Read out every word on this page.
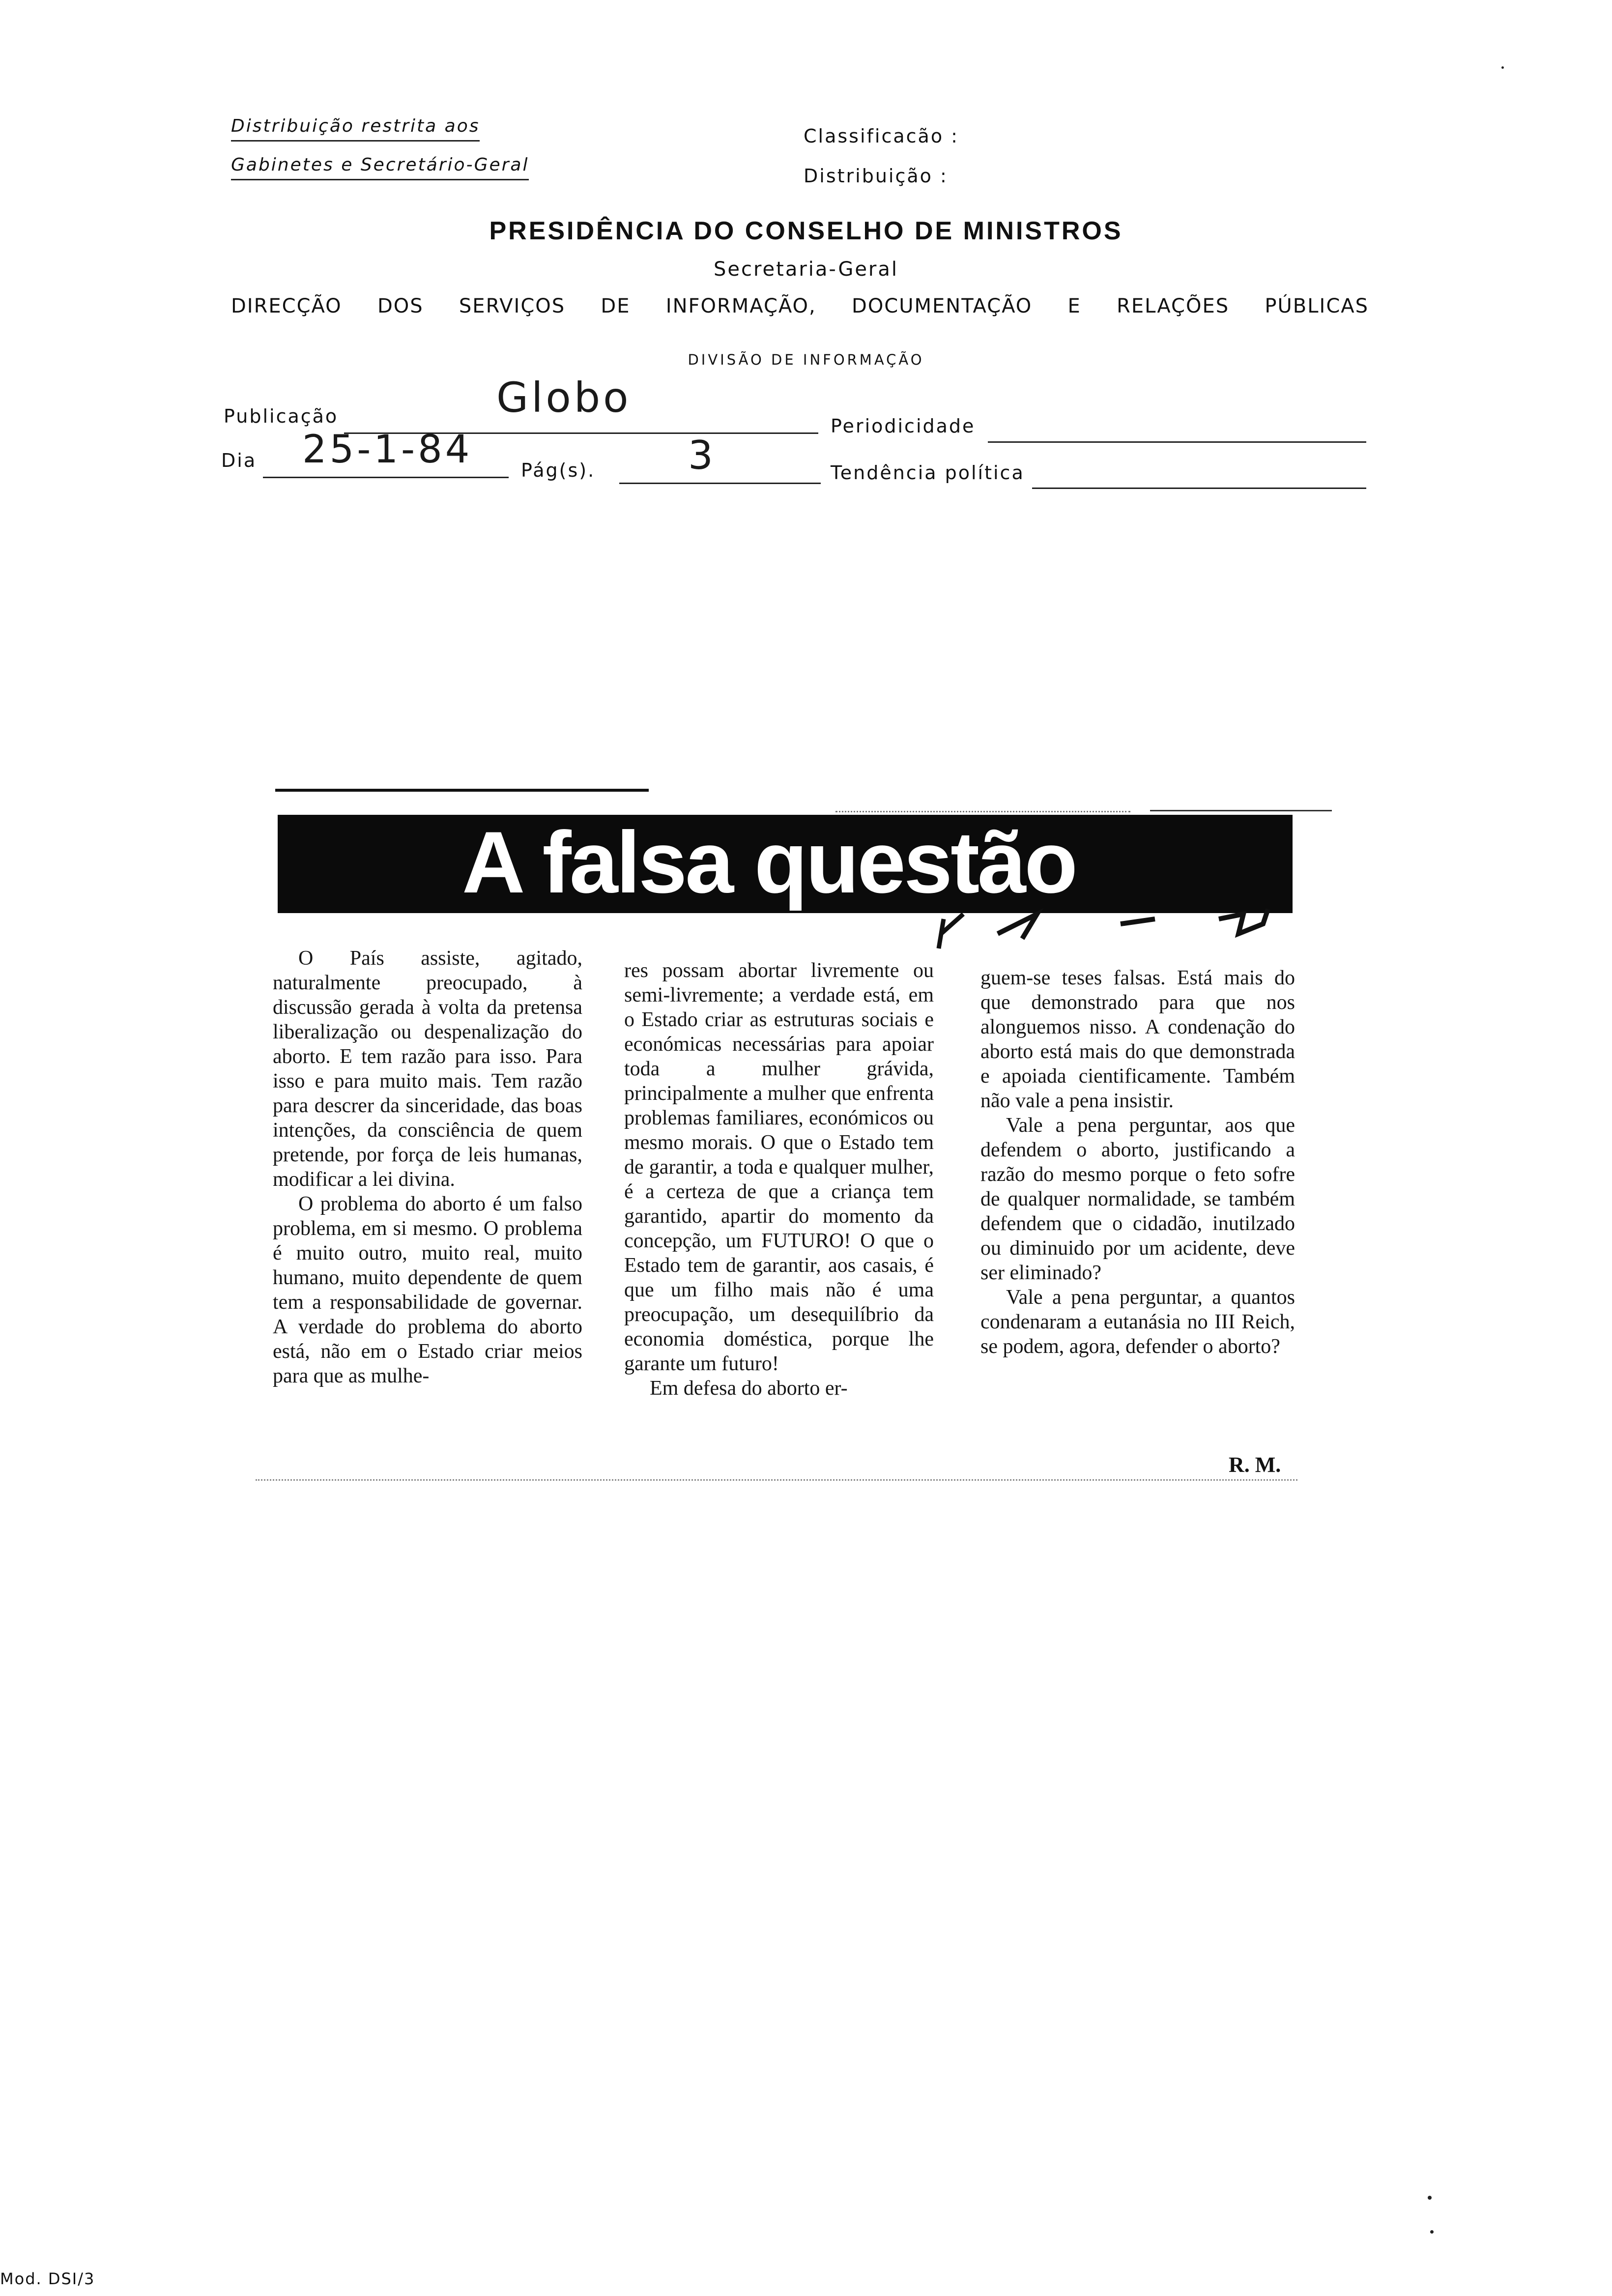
Distribuição restrita aos
Gabinetes e Secretário-Geral
Classificacão :
Distribuição :
PRESIDÊNCIA DO CONSELHO DE MINISTROS
Secretaria-Geral
DIRECÇÃO DOS SERVIÇOS DE INFORMAÇÃO, DOCUMENTAÇÃO E RELAÇÕES PÚBLICAS
DIVISÃO DE INFORMAÇÃO
Publicação	Globo
Periodicidade
Dia 25-1-84	Pág(s). 3	Tendência política
A falsa questão

O País assiste, agitado, naturalmente preocupado, à discussão gerada à volta da pretensa liberalização ou despenalização do aborto. E tem razão para isso. Para isso e para muito mais. Tem razão para descrer da sinceridade, das boas intenções, da consciência de quem pretende, por força de leis humanas, modificar a lei divina.

O problema do aborto é um falso problema, em si mesmo. O problema é muito outro, muito real, muito humano, muito dependente de quem tem a responsabilidade de governar. A verdade do problema do aborto está, não em o Estado criar meios para que as mulhe-

res possam abortar livremente ou semi-livremente; a verdade está, em o Estado criar as estruturas sociais e económicas necessárias para apoiar toda a mulher grávida, principalmente a mulher que enfrenta problemas familiares, económicos ou mesmo morais. O que o Estado tem de garantir, a toda e qualquer mulher, é a certeza de que a criança tem garantido, apartir do momento da concepção, um FUTURO! O que o Estado tem de garantir, aos casais, é que um filho mais não é uma preocupação, um desequilíbrio da economia doméstica, porque lhe garante um futuro!

Em defesa do aborto er-

guem-se teses falsas. Está mais do que demonstrado para que nos alonguemos nisso. A condenação do aborto está mais do que demonstrada e apoiada cientificamente. Também não vale a pena insistir.

Vale a pena perguntar, aos que defendem o aborto, justificando a razão do mesmo porque o feto sofre de qualquer normalidade, se também defendem que o cidadão, inutilzado ou diminuido por um acidente, deve ser eliminado?

Vale a pena perguntar, a quantos condenaram a eutanásia no III Reich, se podem, agora, defender o aborto?

R. M.
Mod. DSI/3
